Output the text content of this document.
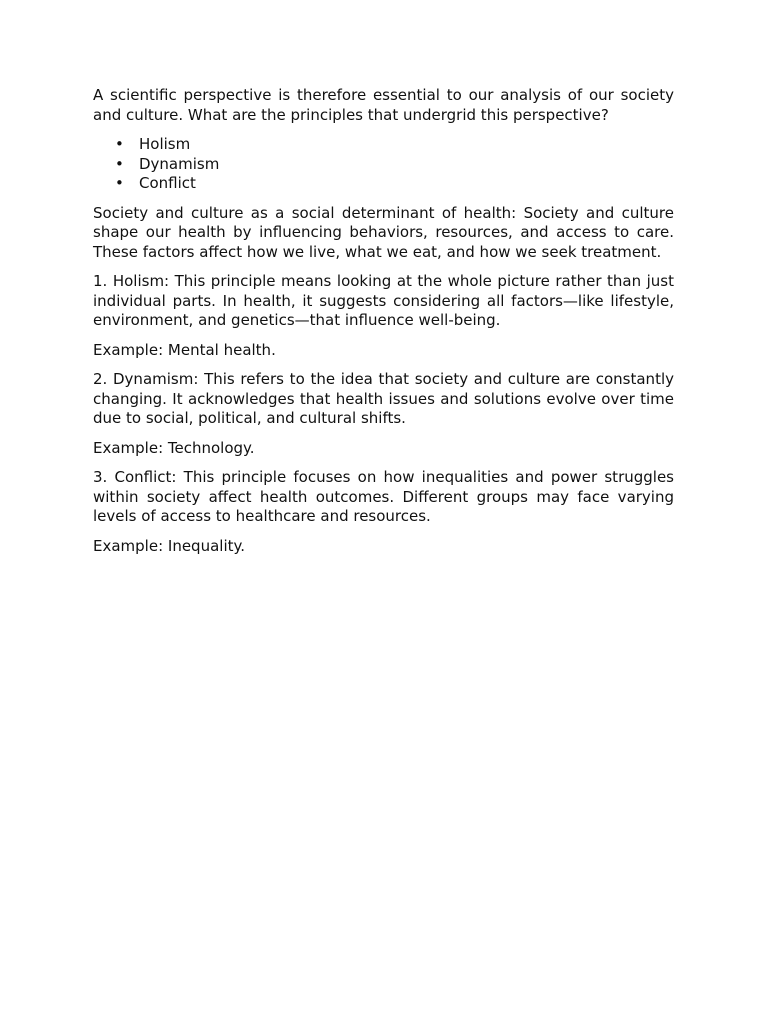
A scientific perspective is therefore essential to our analysis of our society and culture. What are the principles that undergrid this perspective?

• Holism
• Dynamism
• Conflict

Society and culture as a social determinant of health: Society and culture shape our health by influencing behaviors, resources, and access to care. These factors affect how we live, what we eat, and how we seek treatment.

1. Holism: This principle means looking at the whole picture rather than just individual parts. In health, it suggests considering all factors—like lifestyle, environment, and genetics—that influence well-being.

Example: Mental health.

2. Dynamism: This refers to the idea that society and culture are constantly changing. It acknowledges that health issues and solutions evolve over time due to social, political, and cultural shifts.

Example: Technology.

3. Conflict: This principle focuses on how inequalities and power struggles within society affect health outcomes. Different groups may face varying levels of access to healthcare and resources.

Example: Inequality.
